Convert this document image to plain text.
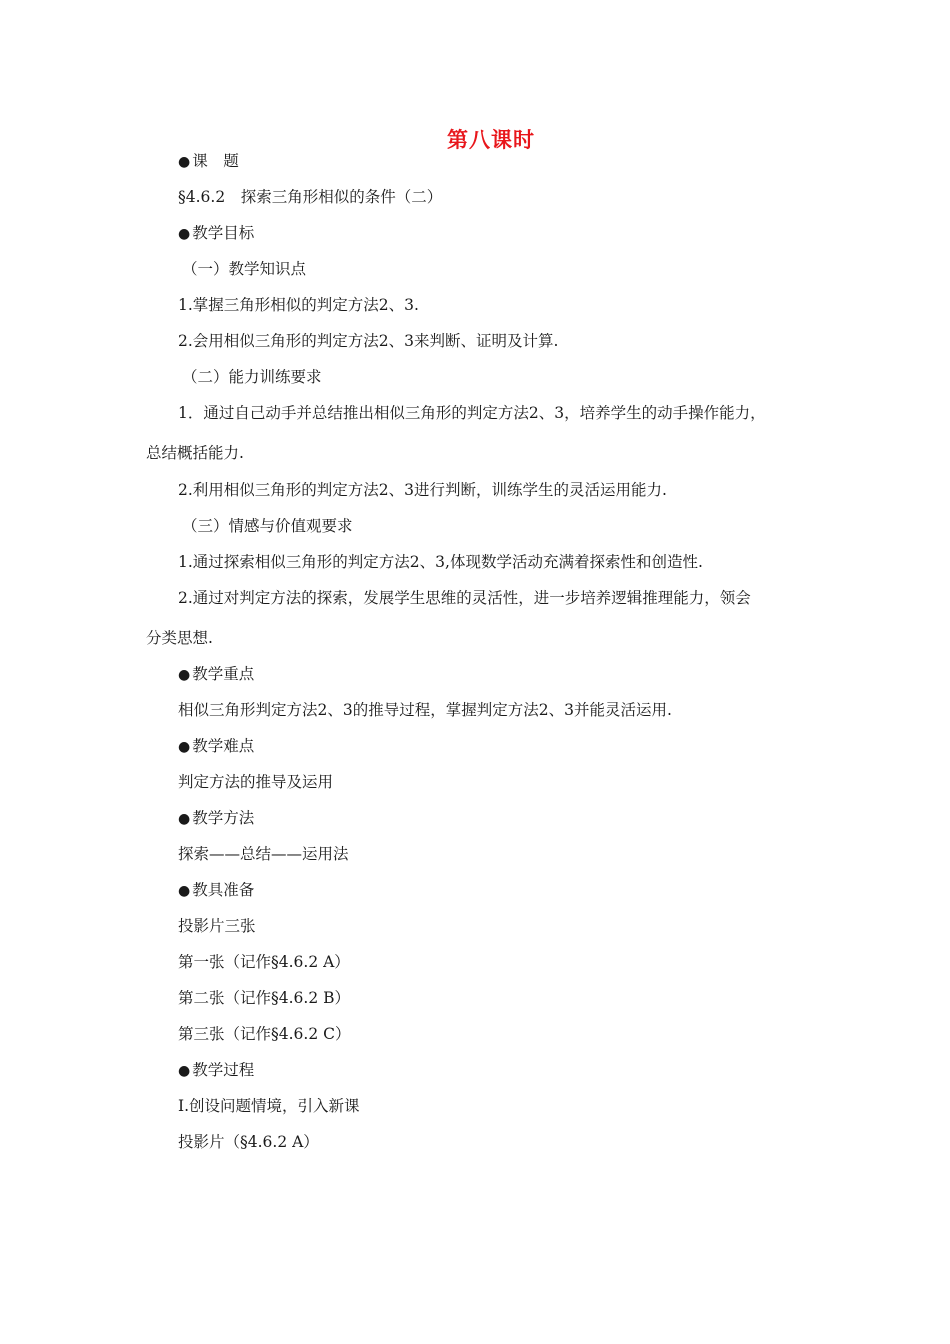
第八课时
● 课　题
§4.6.2　探索三角形相似的条件（二）
● 教学目标
（一）教学知识点
1.掌握三角形相似的判定方法2、3.
2.会用相似三角形的判定方法2、3来判断、证明及计算.
（二）能力训练要求
1．通过自己动手并总结推出相似三角形的判定方法2、3，培养学生的动手操作能力，
总结概括能力.
2.利用相似三角形的判定方法2、3进行判断，训练学生的灵活运用能力.
（三）情感与价值观要求
1.通过探索相似三角形的判定方法2、3,体现数学活动充满着探索性和创造性.
2.通过对判定方法的探索，发展学生思维的灵活性，进一步培养逻辑推理能力，领会
分类思想.
● 教学重点
相似三角形判定方法2、3的推导过程，掌握判定方法2、3并能灵活运用.
● 教学难点
判定方法的推导及运用
● 教学方法
探索——总结——运用法
● 教具准备
投影片三张
第一张（记作§4.6.2 A）
第二张（记作§4.6.2 B）
第三张（记作§4.6.2 C）
● 教学过程
Ⅰ.创设问题情境，引入新课
投影片（§4.6.2 A）
